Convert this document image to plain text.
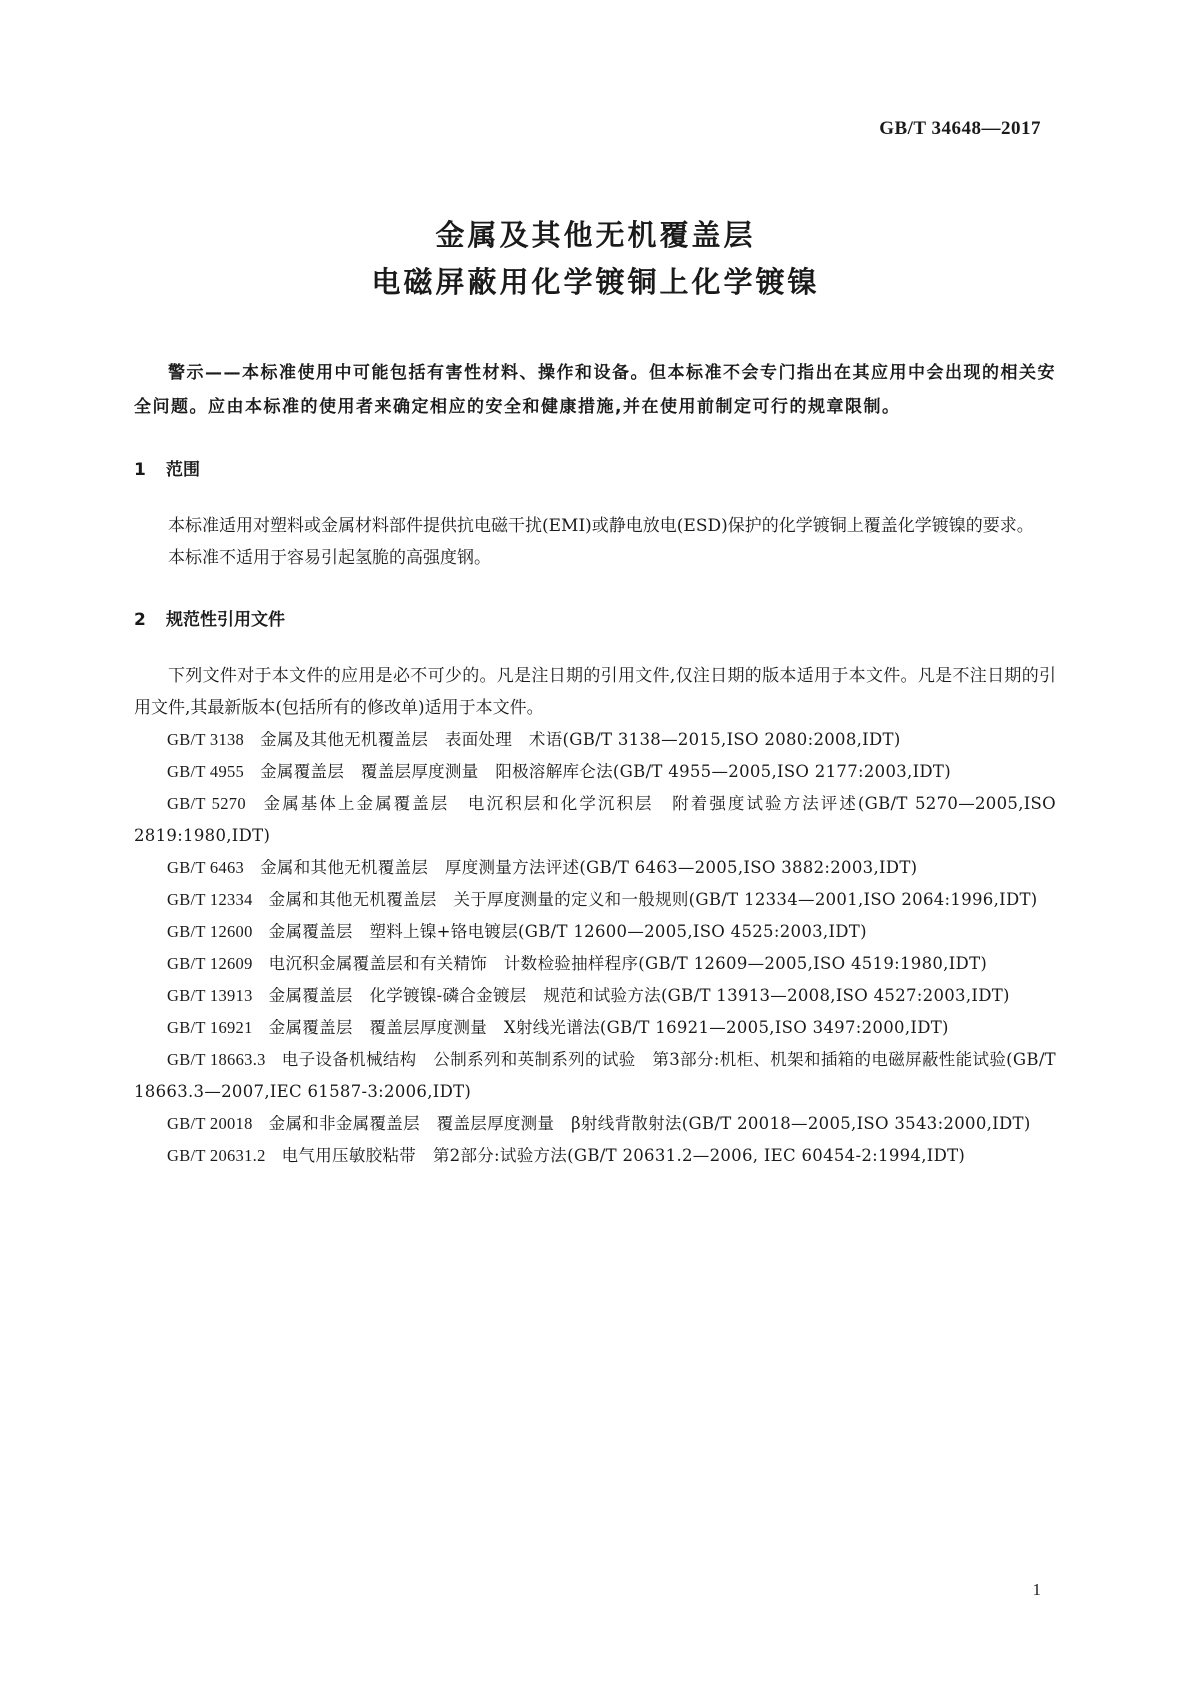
GB/T 34648—2017
金属及其他无机覆盖层
电磁屏蔽用化学镀铜上化学镀镍

警示——本标准使用中可能包括有害性材料、操作和设备。但本标准不会专门指出在其应用中会出现的相关安全问题。应由本标准的使用者来确定相应的安全和健康措施,并在使用前制定可行的规章限制。

1 范围

本标准适用对塑料或金属材料部件提供抗电磁干扰(EMI)或静电放电(ESD)保护的化学镀铜上覆盖化学镀镍的要求。

本标准不适用于容易引起氢脆的高强度钢。

2 规范性引用文件

下列文件对于本文件的应用是必不可少的。凡是注日期的引用文件,仅注日期的版本适用于本文件。凡是不注日期的引用文件,其最新版本(包括所有的修改单)适用于本文件。

GB/T 3138 金属及其他无机覆盖层　表面处理　术语(GB/T 3138—2015,ISO 2080:2008,IDT)

GB/T 4955 金属覆盖层　覆盖层厚度测量　阳极溶解库仑法(GB/T 4955—2005,ISO 2177:2003,IDT)

GB/T 5270 金属基体上金属覆盖层　电沉积层和化学沉积层　附着强度试验方法评述(GB/T 5270—2005,ISO 2819:1980,IDT)

GB/T 6463 金属和其他无机覆盖层　厚度测量方法评述(GB/T 6463—2005,ISO 3882:2003,IDT)

GB/T 12334 金属和其他无机覆盖层　关于厚度测量的定义和一般规则(GB/T 12334—2001,ISO 2064:1996,IDT)

GB/T 12600 金属覆盖层　塑料上镍+铬电镀层(GB/T 12600—2005,ISO 4525:2003,IDT)

GB/T 12609 电沉积金属覆盖层和有关精饰　计数检验抽样程序(GB/T 12609—2005,ISO 4519:1980,IDT)

GB/T 13913 金属覆盖层　化学镀镍-磷合金镀层　规范和试验方法(GB/T 13913—2008,ISO 4527:2003,IDT)

GB/T 16921 金属覆盖层　覆盖层厚度测量　X射线光谱法(GB/T 16921—2005,ISO 3497:2000,IDT)

GB/T 18663.3 电子设备机械结构　公制系列和英制系列的试验　第3部分:机柜、机架和插箱的电磁屏蔽性能试验(GB/T 18663.3—2007,IEC 61587-3:2006,IDT)

GB/T 20018 金属和非金属覆盖层　覆盖层厚度测量　β射线背散射法(GB/T 20018—2005,ISO 3543:2000,IDT)

GB/T 20631.2 电气用压敏胶粘带　第2部分:试验方法(GB/T 20631.2—2006, IEC 60454-2:1994,IDT)

1
